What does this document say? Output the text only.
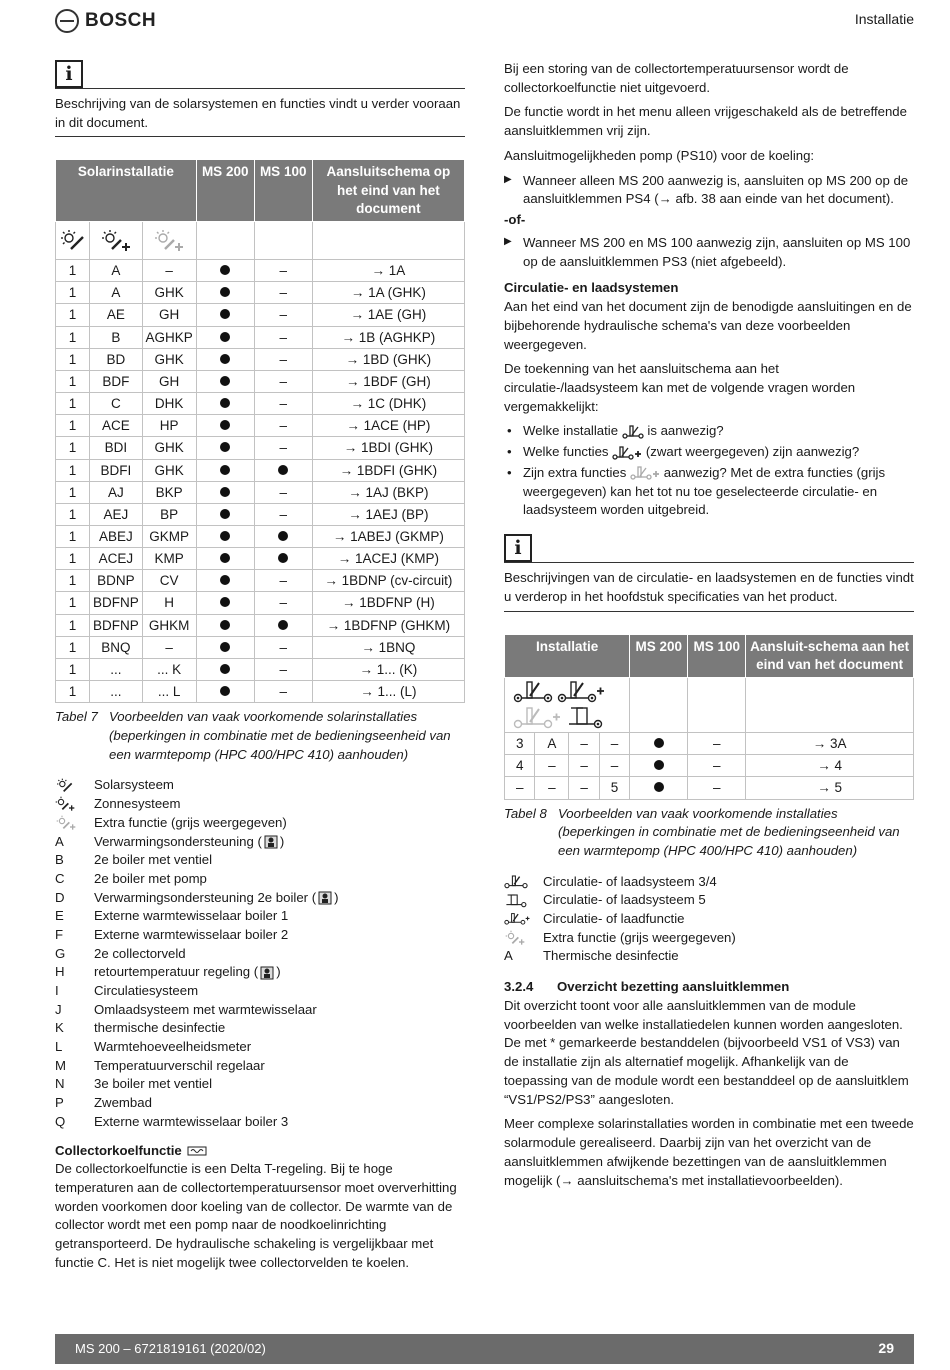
BOSCH	Installatie
i

Beschrijving van de solarsystemen en functies vindt u verder vooraan in dit document.

Solarinstallatie			MS 200	MS 100	Aansluitschema op het eind van het document

1	A	–		–	→ 1A
1	A	GHK		–	→ 1A (GHK)
1	AE	GH		–	→ 1AE (GH)
1	B	AGHKP		–	→ 1B (AGHKP)
1	BD	GHK		–	→ 1BD (GHK)
1	BDF	GH		–	→ 1BDF (GH)
1	C	DHK		–	→ 1C (DHK)
1	ACE	HP		–	→ 1ACE (HP)
1	BDI	GHK		–	→ 1BDI (GHK)
1	BDFI	GHK			→ 1BDFI (GHK)
1	AJ	BKP		–	→ 1AJ (BKP)
1	AEJ	BP		–	→ 1AEJ (BP)
1	ABEJ	GKMP			→ 1ABEJ (GKMP)
1	ACEJ	KMP			→ 1ACEJ (KMP)
1	BDNP	CV		–	→ 1BDNP (cv-circuit)
1	BDFNP	H		–	→ 1BDFNP (H)
1	BDFNP	GHKM			→ 1BDFNP (GHKM)
1	BNQ	–		–	→ 1BNQ
1	...	... K		–	→ 1... (K)
1	...	... L		–	→ 1... (L)
Tabel 7 Voorbeelden van vaak voorkomende solarinstallaties (beperkingen in combinatie met de bedieningseenheid van een warmtepomp (HPC 400/HPC 410) aanhouden)
Solarsysteem
Zonnesysteem
Extra functie (grijs weergegeven)
A	Verwarmingsondersteuning ( )
B	2e boiler met ventiel
C	2e boiler met pomp
D	Verwarmingsondersteuning 2e boiler ( )
E	Externe warmtewisselaar boiler 1
F	Externe warmtewisselaar boiler 2
G	2e collectorveld
H	retourtemperatuur regeling ( )
I	Circulatiesysteem
J	Omlaadsysteem met warmtewisselaar
K	thermische desinfectie
L	Warmtehoeveelheidsmeter
M	Temperatuurverschil regelaar
N	3e boiler met ventiel
P	Zwembad
Q	Externe warmtewisselaar boiler 3
Collectorkoelfunctie

De collectorkoelfunctie is een Delta T-regeling. Bij te hoge temperaturen aan de collectortemperatuursensor moet oververhitting worden voorkomen door koeling van de collector. De warmte van de collector wordt met een pomp naar de noodkoelinrichting getransporteerd. De hydraulische schakeling is vergelijkbaar met functie C. Het is niet mogelijk twee collectorvelden te koelen.

Bij een storing van de collectortemperatuursensor wordt de collectorkoelfunctie niet uitgevoerd.

De functie wordt in het menu alleen vrijgeschakeld als de betreffende aansluitklemmen vrij zijn.

Aansluitmogelijkheden pomp (PS10) voor de koeling:

▶ Wanneer alleen MS 200 aanwezig is, aansluiten op MS 200 op de aansluitklemmen PS4 (→ afb. 38 aan einde van het document).

-of-

▶ Wanneer MS 200 en MS 100 aanwezig zijn, aansluiten op MS 100 op de aansluitklemmen PS3 (niet afgebeeld).

Circulatie- en laadsystemen

Aan het eind van het document zijn de benodigde aansluitingen en de bijbehorende hydraulische schema's van deze voorbeelden weergegeven.

De toekenning van het aansluitschema aan het circulatie-/laadsysteem kan met de volgende vragen worden vergemakkelijkt:

• Welke installatie is aanwezig?
• Welke functies	(zwart weergegeven) zijn aanwezig?
• Zijn extra functies	aanwezig? Met de extra functies (grijs weergegeven) kan het tot nu toe geselecteerde circulatie- en laadsysteem worden uitgebreid.
i

Beschrijvingen van de circulatie- en laadsystemen en de functies vindt u verderop in het hoofdstuk specificaties van het product.

Installatie				MS 200	MS 100	Aansluit-schema aan het eind van het document

3	A	–	–		–	→ 3A
4	–	–	–		–	→ 4
–	–	–	5		–	→ 5
Tabel 8 Voorbeelden van vaak voorkomende installaties (beperkingen in combinatie met de bedieningseenheid van een warmtepomp (HPC 400/HPC 410) aanhouden)
Circulatie- of laadsysteem 3/4
Circulatie- of laadsysteem 5
Circulatie- of laadfunctie
Extra functie (grijs weergegeven)
A	Thermische desinfectie
3.2.4	Overzicht bezetting aansluitklemmen

Dit overzicht toont voor alle aansluitklemmen van de module voorbeelden van welke installatiedelen kunnen worden aangesloten. De met * gemarkeerde bestanddelen (bijvoorbeeld VS1 of VS3) van de installatie zijn als alternatief mogelijk. Afhankelijk van de toepassing van de module wordt een bestanddeel op de aansluitklem “VS1/PS2/PS3” aangesloten.

Meer complexe solarinstallaties worden in combinatie met een tweede solarmodule gerealiseerd. Daarbij zijn van het overzicht van de aansluitklemmen afwijkende bezettingen van de aansluitklemmen mogelijk (→ aansluitschema's met installatievoorbeelden).

MS 200 – 6721819161 (2020/02)	29
